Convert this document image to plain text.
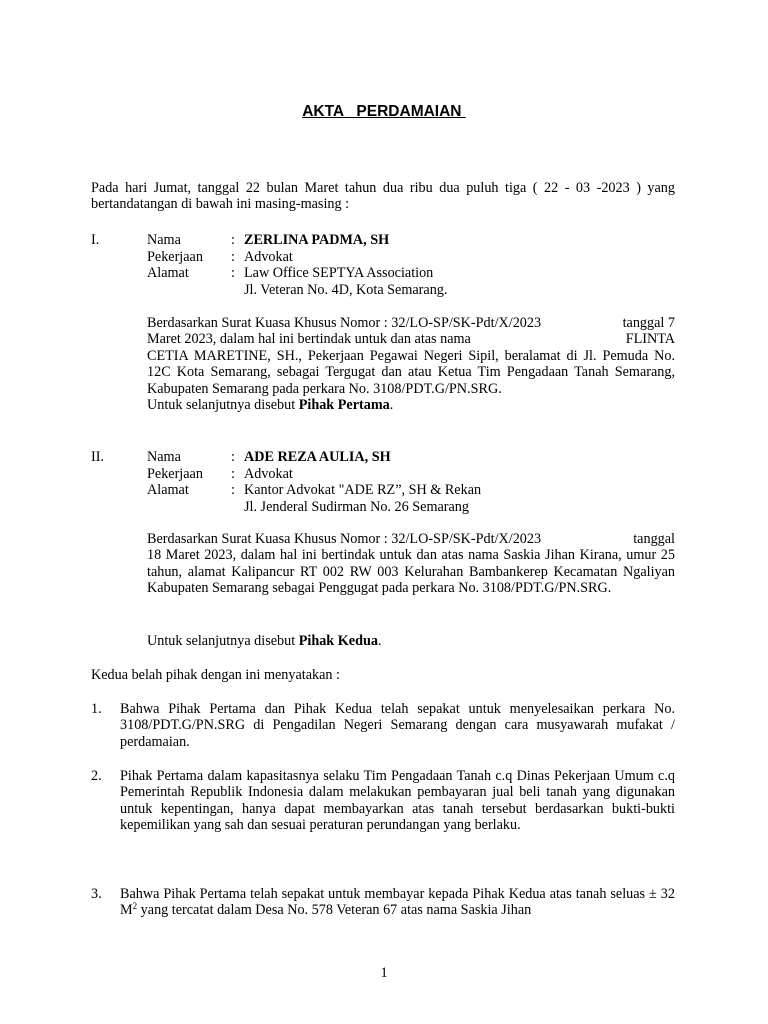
AKTA   PERDAMAIAN
Pada hari Jumat, tanggal 22 bulan Maret tahun dua ribu dua puluh tiga ( 22 - 03 -2023 ) yang bertandatangan di bawah ini masing-masing :
I.	Nama	: ZERLINA PADMA, SH
Pekerjaan : Advokat
Alamat	: Law Office SEPTYA Association
Jl. Veteran No. 4D, Kota Semarang.
Berdasarkan Surat Kuasa Khusus Nomor : 32/LO-SP/SK-Pdt/X/2023	tanggal 7
Maret 2023, dalam hal ini bertindak untuk dan atas nama	FLINTA
CETIA MARETINE, SH., Pekerjaan Pegawai Negeri Sipil, beralamat di Jl. Pemuda No. 12C Kota Semarang, sebagai Tergugat dan atau Ketua Tim Pengadaan Tanah Semarang, Kabupaten Semarang pada perkara No. 3108/PDT.G/PN.SRG.
Untuk selanjutnya disebut Pihak Pertama.
II.	Nama	: ADE REZA AULIA, SH
Pekerjaan : Advokat
Alamat	: Kantor Advokat "ADE RZ”, SH & Rekan
Jl. Jenderal Sudirman No. 26 Semarang
Berdasarkan Surat Kuasa Khusus Nomor : 32/LO-SP/SK-Pdt/X/2023	tanggal
18 Maret 2023, dalam hal ini bertindak untuk dan atas nama Saskia Jihan Kirana, umur 25 tahun, alamat Kalipancur RT 002 RW 003 Kelurahan Bambankerep Kecamatan Ngaliyan Kabupaten Semarang sebagai Penggugat pada perkara No. 3108/PDT.G/PN.SRG.
Untuk selanjutnya disebut Pihak Kedua.
Kedua belah pihak dengan ini menyatakan :
1. Bahwa Pihak Pertama dan Pihak Kedua telah sepakat untuk menyelesaikan perkara No. 3108/PDT.G/PN.SRG di Pengadilan Negeri Semarang dengan cara musyawarah mufakat / perdamaian.
2. Pihak Pertama dalam kapasitasnya selaku Tim Pengadaan Tanah c.q Dinas Pekerjaan Umum c.q Pemerintah Republik Indonesia dalam melakukan pembayaran jual beli tanah yang digunakan untuk kepentingan, hanya dapat membayarkan atas tanah tersebut berdasarkan bukti-bukti kepemilikan yang sah dan sesuai peraturan perundangan yang berlaku.
3. Bahwa Pihak Pertama telah sepakat untuk membayar kepada Pihak Kedua atas tanah seluas ± 32 $M^2$ yang tercatat dalam Desa No. 578 Veteran 67 atas nama Saskia Jihan
1
